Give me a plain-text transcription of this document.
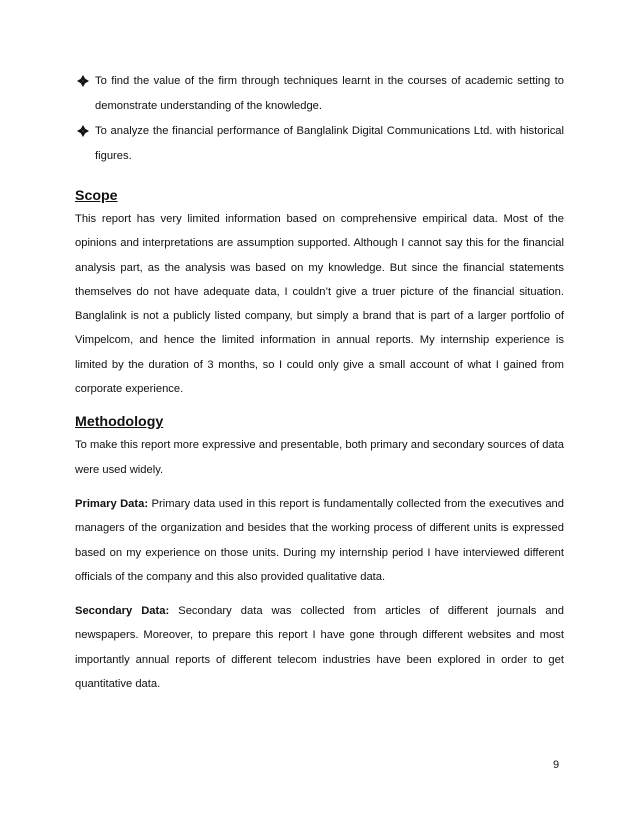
To find the value of the firm through techniques learnt in the courses of academic setting to demonstrate understanding of the knowledge.
To analyze the financial performance of Banglalink Digital Communications Ltd. with historical figures.
Scope

This report has very limited information based on comprehensive empirical data. Most of the opinions and interpretations are assumption supported. Although I cannot say this for the financial analysis part, as the analysis was based on my knowledge. But since the financial statements themselves do not have adequate data, I couldn’t give a truer picture of the financial situation. Banglalink is not a publicly listed company, but simply a brand that is part of a larger portfolio of Vimpelcom, and hence the limited information in annual reports. My internship experience is limited by the duration of 3 months, so I could only give a small account of what I gained from corporate experience.

Methodology

To make this report more expressive and presentable, both primary and secondary sources of data were used widely.

Primary Data: Primary data used in this report is fundamentally collected from the executives and managers of the organization and besides that the working process of different units is expressed based on my experience on those units. During my internship period I have interviewed different officials of the company and this also provided qualitative data.

Secondary Data: Secondary data was collected from articles of different journals and newspapers. Moreover, to prepare this report I have gone through different websites and most importantly annual reports of different telecom industries have been explored in order to get quantitative data.

9
